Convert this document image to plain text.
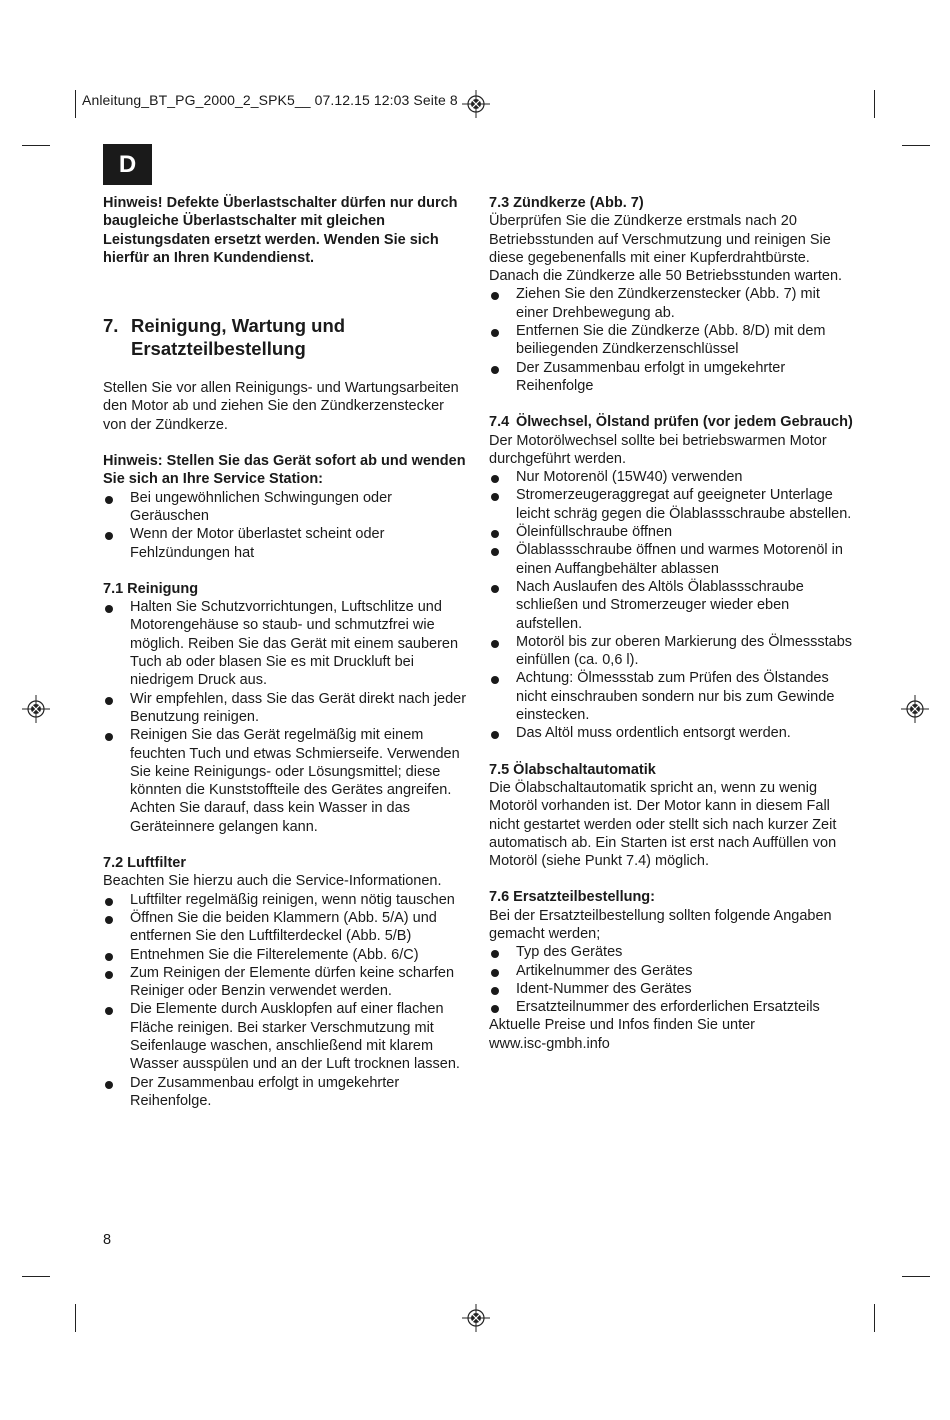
Anleitung_BT_PG_2000_2_SPK5__ 07.12.15 12:03 Seite 8
D

Hinweis! Defekte Überlastschalter dürfen nur durch baugleiche Überlastschalter mit gleichen Leistungsdaten ersetzt werden. Wenden Sie sich hierfür an Ihren Kundendienst.

7. Reinigung, Wartung und Ersatzteilbestellung

Stellen Sie vor allen Reinigungs- und Wartungsarbeiten den Motor ab und ziehen Sie den Zündkerzenstecker von der Zündkerze.

Hinweis: Stellen Sie das Gerät sofort ab und wenden Sie sich an Ihre Service Station:

Bei ungewöhnlichen Schwingungen oder Geräuschen
Wenn der Motor überlastet scheint oder Fehlzündungen hat

7.1 Reinigung

Halten Sie Schutzvorrichtungen, Luftschlitze und Motorengehäuse so staub- und schmutzfrei wie möglich. Reiben Sie das Gerät mit einem sauberen Tuch ab oder blasen Sie es mit Druckluft bei niedrigem Druck aus.
Wir empfehlen, dass Sie das Gerät direkt nach jeder Benutzung reinigen.
Reinigen Sie das Gerät regelmäßig mit einem feuchten Tuch und etwas Schmierseife. Verwenden Sie keine Reinigungs- oder Lösungsmittel; diese könnten die Kunststoffteile des Gerätes angreifen. Achten Sie darauf, dass kein Wasser in das Geräteinnere gelangen kann.

7.2 Luftfilter

Beachten Sie hierzu auch die Service-Informationen.

Luftfilter regelmäßig reinigen, wenn nötig tauschen
Öffnen Sie die beiden Klammern (Abb. 5/A) und entfernen Sie den Luftfilterdeckel (Abb. 5/B)
Entnehmen Sie die Filterelemente (Abb. 6/C)
Zum Reinigen der Elemente dürfen keine scharfen Reiniger oder Benzin verwendet werden.
Die Elemente durch Ausklopfen auf einer flachen Fläche reinigen. Bei starker Verschmutzung mit Seifenlauge waschen, anschließend mit klarem Wasser ausspülen und an der Luft trocknen lassen.
Der Zusammenbau erfolgt in umgekehrter Reihenfolge.

7.3 Zündkerze (Abb. 7)

Überprüfen Sie die Zündkerze erstmals nach 20 Betriebsstunden auf Verschmutzung und reinigen Sie diese gegebenenfalls mit einer Kupferdrahtbürste. Danach die Zündkerze alle 50 Betriebsstunden warten.

Ziehen Sie den Zündkerzenstecker (Abb. 7) mit einer Drehbewegung ab.
Entfernen Sie die Zündkerze (Abb. 8/D) mit dem beiliegenden Zündkerzenschlüssel
Der Zusammenbau erfolgt in umgekehrter Reihenfolge
7.4 Ölwechsel, Ölstand prüfen (vor jedem Gebrauch)

Der Motorölwechsel sollte bei betriebswarmen Motor durchgeführt werden.

Nur Motorenöl (15W40) verwenden
Stromerzeugeraggregat auf geeigneter Unterlage leicht schräg gegen die Ölablassschraube abstellen.
Öleinfüllschraube öffnen
Ölablassschraube öffnen und warmes Motorenöl in einen Auffangbehälter ablassen
Nach Auslaufen des Altöls Ölablassschraube schließen und Stromerzeuger wieder eben aufstellen.
Motoröl bis zur oberen Markierung des Ölmessstabs einfüllen (ca. 0,6 l).
Achtung: Ölmessstab zum Prüfen des Ölstandes nicht einschrauben sondern nur bis zum Gewinde einstecken.
Das Altöl muss ordentlich entsorgt werden.

7.5 Ölabschaltautomatik

Die Ölabschaltautomatik spricht an, wenn zu wenig Motoröl vorhanden ist. Der Motor kann in diesem Fall nicht gestartet werden oder stellt sich nach kurzer Zeit automatisch ab. Ein Starten ist erst nach Auffüllen von Motoröl (siehe Punkt 7.4) möglich.

7.6 Ersatzteilbestellung:

Bei der Ersatzteilbestellung sollten folgende Angaben gemacht werden;

Typ des Gerätes
Artikelnummer des Gerätes
Ident-Nummer des Gerätes
Ersatzteilnummer des erforderlichen Ersatzteils

Aktuelle Preise und Infos finden Sie unter www.isc-gmbh.info

8
